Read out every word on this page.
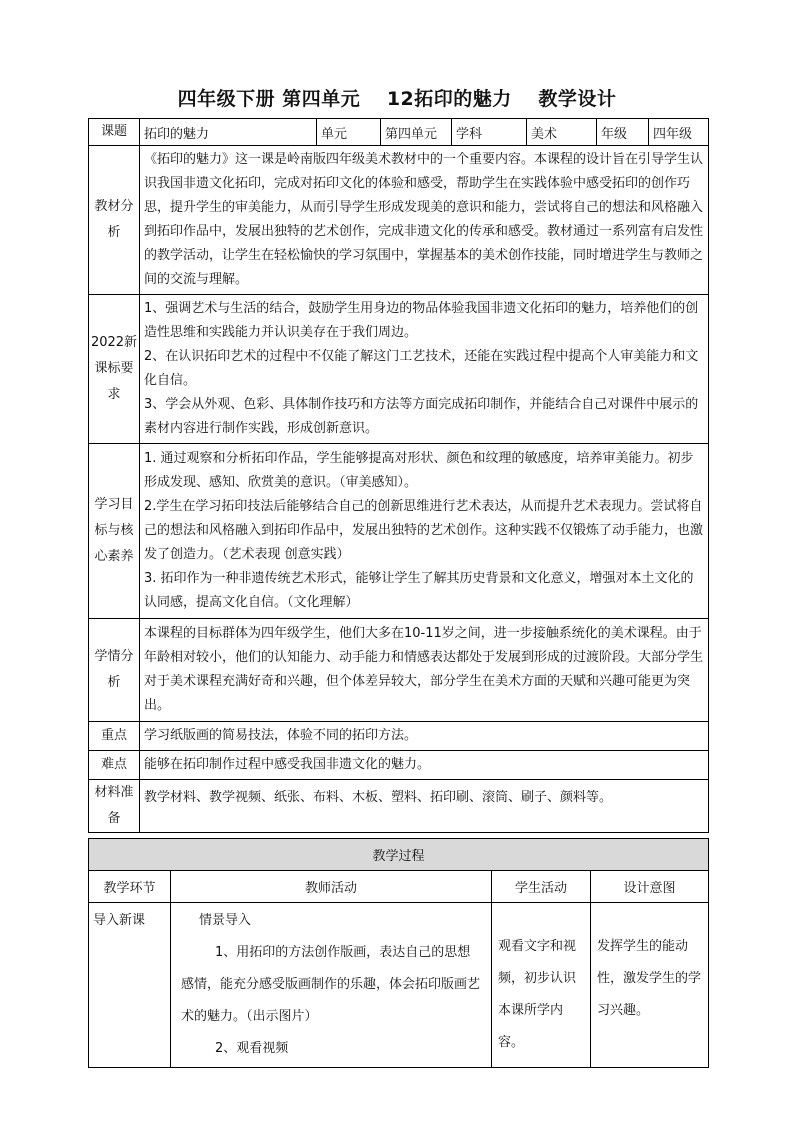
四年级下册 第四单元　 12拓印的魅力　 教学设计
课题	拓印的魅力	单元	第四单元	学科	美术	年级	四年级
教材分析	《拓印的魅力》这一课是岭南版四年级美术教材中的一个重要内容。本课程的设计旨在引导学生认识我国非遗文化拓印，完成对拓印文化的体验和感受，帮助学生在实践体验中感受拓印的创作巧思，提升学生的审美能力，从而引导学生形成发现美的意识和能力，尝试将自己的想法和风格融入到拓印作品中，发展出独特的艺术创作，完成非遗文化的传承和感受。教材通过一系列富有启发性的教学活动，让学生在轻松愉快的学习氛围中，掌握基本的美术创作技能，同时增进学生与教师之间的交流与理解。						
2022新课标要求	1、强调艺术与生活的结合，鼓励学生用身边的物品体验我国非遗文化拓印的魅力，培养他们的创造性思维和实践能力并认识美存在于我们周边。

2、在认识拓印艺术的过程中不仅能了解这门工艺技术，还能在实践过程中提高个人审美能力和文化自信。

3、学会从外观、色彩、具体制作技巧和方法等方面完成拓印制作，并能结合自己对课件中展示的素材内容进行制作实践，形成创新意识。						

学习目标与核心素养	1. 通过观察和分析拓印作品，学生能够提高对形状、颜色和纹理的敏感度，培养审美能力。初步形成发现、感知、欣赏美的意识。（审美感知）。

2.学生在学习拓印技法后能够结合自己的创新思维进行艺术表达，从而提升艺术表现力。尝试将自己的想法和风格融入到拓印作品中，发展出独特的艺术创作。这种实践不仅锻炼了动手能力，也激发了创造力。（艺术表现 创意实践）

3. 拓印作为一种非遗传统艺术形式，能够让学生了解其历史背景和文化意义，增强对本土文化的认同感，提高文化自信。（文化理解）						

学情分析	本课程的目标群体为四年级学生，他们大多在10-11岁之间，进一步接触系统化的美术课程。由于年龄相对较小，他们的认知能力、动手能力和情感表达都处于发展到形成的过渡阶段。大部分学生对于美术课程充满好奇和兴趣，但个体差异较大，部分学生在美术方面的天赋和兴趣可能更为突出。						
重点	学习纸版画的简易技法，体验不同的拓印方法。						
难点	能够在拓印制作过程中感受我国非遗文化的魅力。						
材料准备	教学材料、教学视频、纸张、布料、木板、塑料、拓印刷、滚筒、刷子、颜料等。						
教学过程			
教学环节	教师活动	学生活动	设计意图
导入新课	情景导入

1、用拓印的方法创作版画，表达自己的思想感情，能充分感受版画制作的乐趣，体会拓印版画艺术的魅力。（出示图片）

2、观看视频	观看文字和视频，初步认识本课所学内容。	发挥学生的能动性，激发学生的学习兴趣。
